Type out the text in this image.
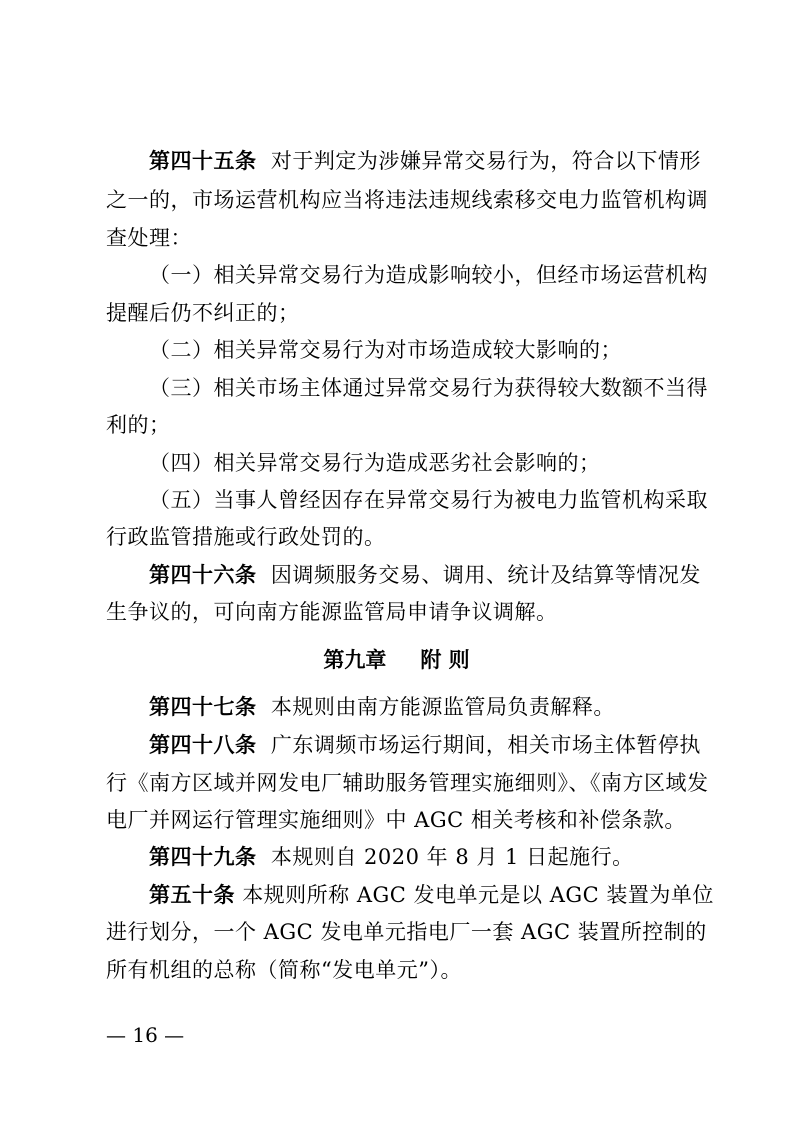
第四十五条 对于判定为涉嫌异常交易行为，符合以下情形
之一的，市场运营机构应当将违法违规线索移交电力监管机构调
查处理：
（一）相关异常交易行为造成影响较小，但经市场运营机构
提醒后仍不纠正的；
（二）相关异常交易行为对市场造成较大影响的；
（三）相关市场主体通过异常交易行为获得较大数额不当得
利的；
（四）相关异常交易行为造成恶劣社会影响的；
（五）当事人曾经因存在异常交易行为被电力监管机构采取
行政监管措施或行政处罚的。
第四十六条 因调频服务交易、调用、统计及结算等情况发
生争议的，可向南方能源监管局申请争议调解。
第九章 附 则
第四十七条 本规则由南方能源监管局负责解释。
第四十八条 广东调频市场运行期间，相关市场主体暂停执
行《南方区域并网发电厂辅助服务管理实施细则》、《南方区域发
电厂并网运行管理实施细则》中 AGC 相关考核和补偿条款。
第四十九条 本规则自 2020 年 8 月 1 日起施行。
第五十条 本规则所称 AGC 发电单元是以 AGC 装置为单位
进行划分，一个 AGC 发电单元指电厂一套 AGC 装置所控制的
所有机组的总称（简称“发电单元”）。
— 16 —
